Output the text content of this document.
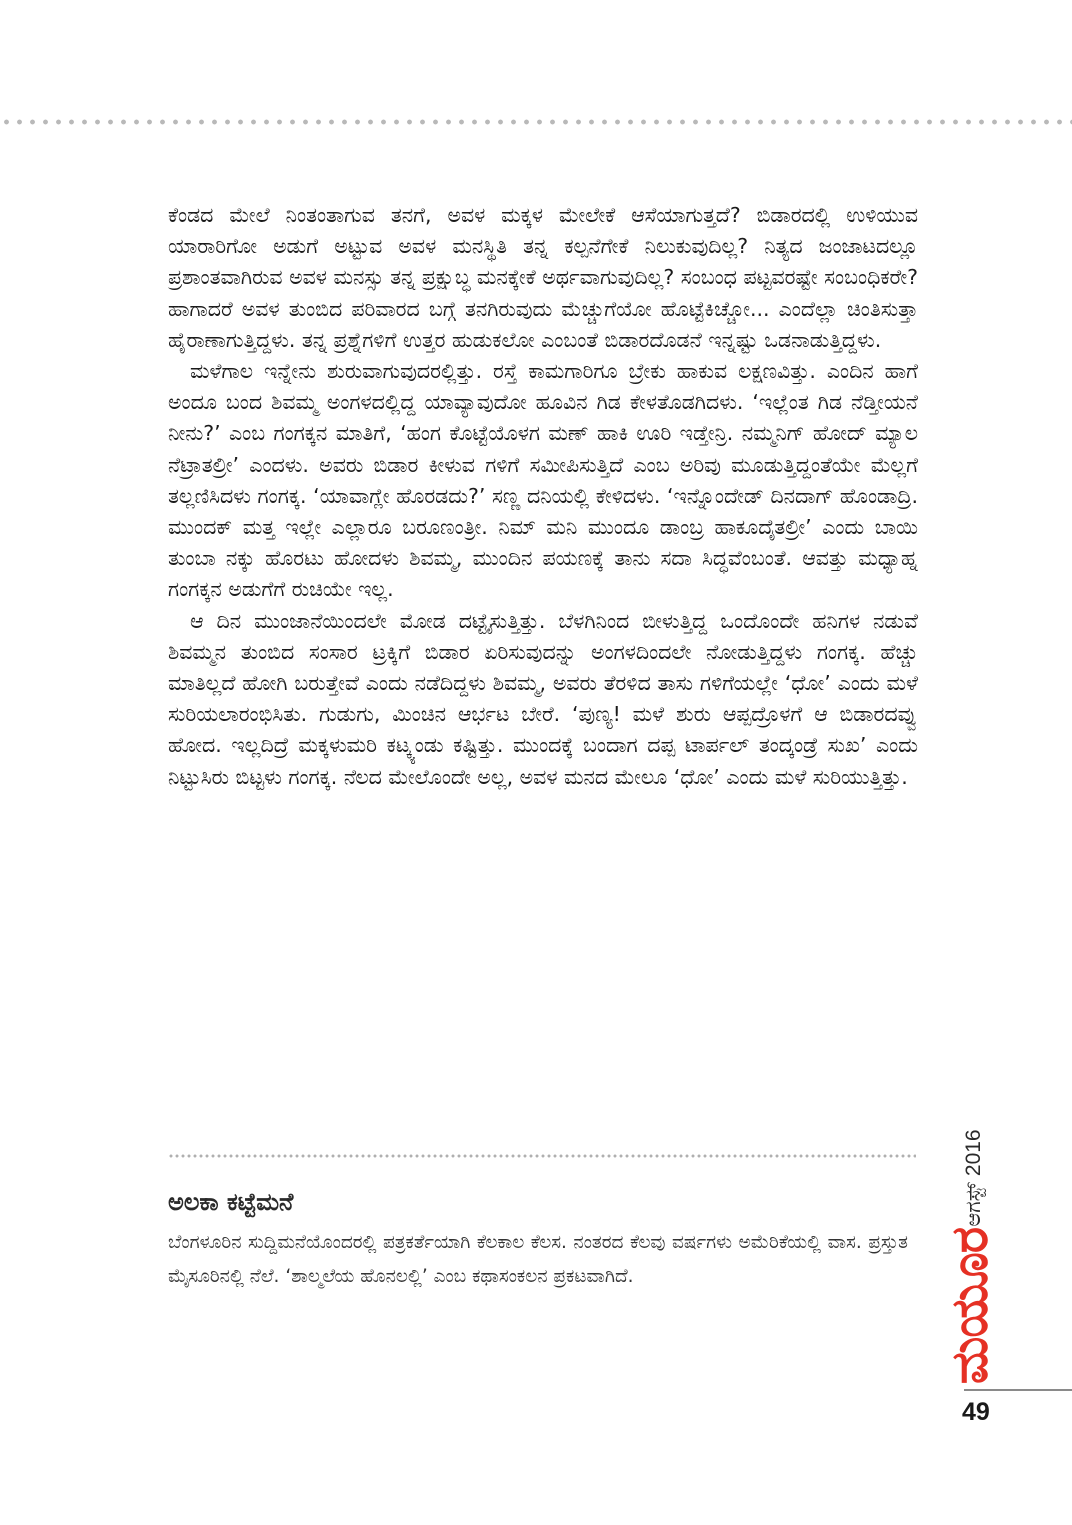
ಕೆಂಡದ ಮೇಲೆ ನಿಂತಂತಾಗುವ ತನಗೆ, ಅವಳ ಮಕ್ಕಳ ಮೇಲೇಕೆ ಆಸೆಯಾಗುತ್ತದೆ? ಬಿಡಾರದಲ್ಲಿ ಉಳಿಯುವ ಯಾರಾರಿಗೋ ಅಡುಗೆ ಅಟ್ಟುವ ಅವಳ ಮನಸ್ಥಿತಿ ತನ್ನ ಕಲ್ಪನೆಗೇಕೆ ನಿಲುಕುವುದಿಲ್ಲ? ನಿತ್ಯದ ಜಂಜಾಟದಲ್ಲೂ ಪ್ರಶಾಂತವಾಗಿರುವ ಅವಳ ಮನಸ್ಸು ತನ್ನ ಪ್ರಕ್ಷುಬ್ಧ ಮನಕ್ಕೇಕೆ ಅರ್ಥವಾಗುವುದಿಲ್ಲ? ಸಂಬಂಧ ಪಟ್ಟವರಷ್ಟೇ ಸಂಬಂಧಿಕರೇ? ಹಾಗಾದರೆ ಅವಳ ತುಂಬಿದ ಪರಿವಾರದ ಬಗ್ಗೆ ತನಗಿರುವುದು ಮೆಚ್ಚುಗೆಯೋ ಹೊಟ್ಟೆಕಿಚ್ಚೋ... ಎಂದೆಲ್ಲಾ ಚಿಂತಿಸುತ್ತಾ ಹೈರಾಣಾಗುತ್ತಿದ್ದಳು. ತನ್ನ ಪ್ರಶ್ನೆಗಳಿಗೆ ಉತ್ತರ ಹುಡುಕಲೋ ಎಂಬಂತೆ ಬಿಡಾರದೊಡನೆ ಇನ್ನಷ್ಟು ಒಡನಾಡುತ್ತಿದ್ದಳು.

ಮಳೆಗಾಲ ಇನ್ನೇನು ಶುರುವಾಗುವುದರಲ್ಲಿತ್ತು. ರಸ್ತೆ ಕಾಮಗಾರಿಗೂ ಬ್ರೇಕು ಹಾಕುವ ಲಕ್ಷಣವಿತ್ತು. ಎಂದಿನ ಹಾಗೆ ಅಂದೂ ಬಂದ ಶಿವಮ್ಮ ಅಂಗಳದಲ್ಲಿದ್ದ ಯಾವ್ಯಾವುದೋ ಹೂವಿನ ಗಿಡ ಕೇಳತೊಡಗಿದಳು. ‘ಇಲ್ಲೆಂತ ಗಿಡ ನೆಡ್ತೀಯನೆ ನೀನು?’ ಎಂಬ ಗಂಗಕ್ಕನ ಮಾತಿಗೆ, ‘ಹಂಗ ಕೊಟ್ಟೆಯೊಳಗ ಮಣ್ ಹಾಕಿ ಊರಿ ಇಡ್ತೇನ್ರಿ. ನಮ್ಮನಿಗ್ ಹೋದ್ ಮ್ಯಾಲ ನೆಟ್ರಾತಲ್ರೀ’ ಎಂದಳು. ಅವರು ಬಿಡಾರ ಕೀಳುವ ಗಳಿಗೆ ಸಮೀಪಿಸುತ್ತಿದೆ ಎಂಬ ಅರಿವು ಮೂಡುತ್ತಿದ್ದಂತೆಯೇ ಮೆಲ್ಲಗೆ ತಲ್ಲಣಿಸಿದಳು ಗಂಗಕ್ಕ. ‘ಯಾವಾಗ್ಲೇ ಹೊರಡದು?’ ಸಣ್ಣ ದನಿಯಲ್ಲಿ ಕೇಳಿದಳು. ‘ಇನ್ನೊಂದೇಡ್ ದಿನದಾಗ್ ಹೊಂಡಾದ್ರಿ. ಮುಂದಕ್ ಮತ್ತ ಇಲ್ಲೇ ಎಲ್ಲಾರೂ ಬರೂಣಂತ್ರೀ. ನಿಮ್ ಮನಿ ಮುಂದೂ ಡಾಂಬ್ರ ಹಾಕೂದೈತಲ್ರೀ’ ಎಂದು ಬಾಯಿ ತುಂಬಾ ನಕ್ಕು ಹೊರಟು ಹೋದಳು ಶಿವಮ್ಮ, ಮುಂದಿನ ಪಯಣಕ್ಕೆ ತಾನು ಸದಾ ಸಿದ್ಧವೆಂಬಂತೆ. ಆವತ್ತು ಮಧ್ಯಾಹ್ನ ಗಂಗಕ್ಕನ ಅಡುಗೆಗೆ ರುಚಿಯೇ ಇಲ್ಲ.

ಆ ದಿನ ಮುಂಜಾನೆಯಿಂದಲೇ ಮೋಡ ದಟ್ಟೈಸುತ್ತಿತ್ತು. ಬೆಳಗಿನಿಂದ ಬೀಳುತ್ತಿದ್ದ ಒಂದೊಂದೇ ಹನಿಗಳ ನಡುವೆ ಶಿವಮ್ಮನ ತುಂಬಿದ ಸಂಸಾರ ಟ್ರಕ್ಕಿಗೆ ಬಿಡಾರ ಏರಿಸುವುದನ್ನು ಅಂಗಳದಿಂದಲೇ ನೋಡುತ್ತಿದ್ದಳು ಗಂಗಕ್ಕ. ಹೆಚ್ಚು ಮಾತಿಲ್ಲದೆ ಹೋಗಿ ಬರುತ್ತೇವೆ ಎಂದು ನಡೆದಿದ್ದಳು ಶಿವಮ್ಮ, ಅವರು ತೆರಳಿದ ತಾಸು ಗಳಿಗೆಯಲ್ಲೇ ‘ಧೋ’ ಎಂದು ಮಳೆ ಸುರಿಯಲಾರಂಭಿಸಿತು. ಗುಡುಗು, ಮಿಂಚಿನ ಆರ್ಭಟ ಬೇರೆ. ‘ಪುಣ್ಯ! ಮಳೆ ಶುರು ಆಪ್ಪದ್ರೊಳಗೆ ಆ ಬಿಡಾರದವ್ವು ಹೋದ. ಇಲ್ಲದಿದ್ರೆ ಮಕ್ಕಳುಮರಿ ಕಟ್ಕ್ಯಂಡು ಕಷ್ಟಿತ್ತು. ಮುಂದಕ್ಕೆ ಬಂದಾಗ ದಪ್ಪ ಟಾರ್ಪಲ್ ತಂದ್ಕಂಡ್ರೆ ಸುಖ’ ಎಂದು ನಿಟ್ಟುಸಿರು ಬಿಟ್ಟಳು ಗಂಗಕ್ಕ. ನೆಲದ ಮೇಲೊಂದೇ ಅಲ್ಲ, ಅವಳ ಮನದ ಮೇಲೂ ‘ಧೋ’ ಎಂದು ಮಳೆ ಸುರಿಯುತ್ತಿತ್ತು.

ಅಲಕಾ ಕಟ್ಟೆಮನೆ
ಬೆಂಗಳೂರಿನ ಸುದ್ದಿಮನೆಯೊಂದರಲ್ಲಿ ಪತ್ರಕರ್ತೆಯಾಗಿ ಕೆಲಕಾಲ ಕೆಲಸ. ನಂತರದ ಕೆಲವು ವರ್ಷಗಳು ಅಮೆರಿಕೆಯಲ್ಲಿ ವಾಸ. ಪ್ರಸ್ತುತ ಮೈಸೂರಿನಲ್ಲಿ ನೆಲೆ. ‘ಶಾಲ್ಮಲೆಯ ಹೊನಲಲ್ಲಿ’ ಎಂಬ ಕಥಾಸಂಕಲನ ಪ್ರಕಟವಾಗಿದೆ.
ಆಗಸ್ಟ್ 2016
ಮಯೂರ
49
